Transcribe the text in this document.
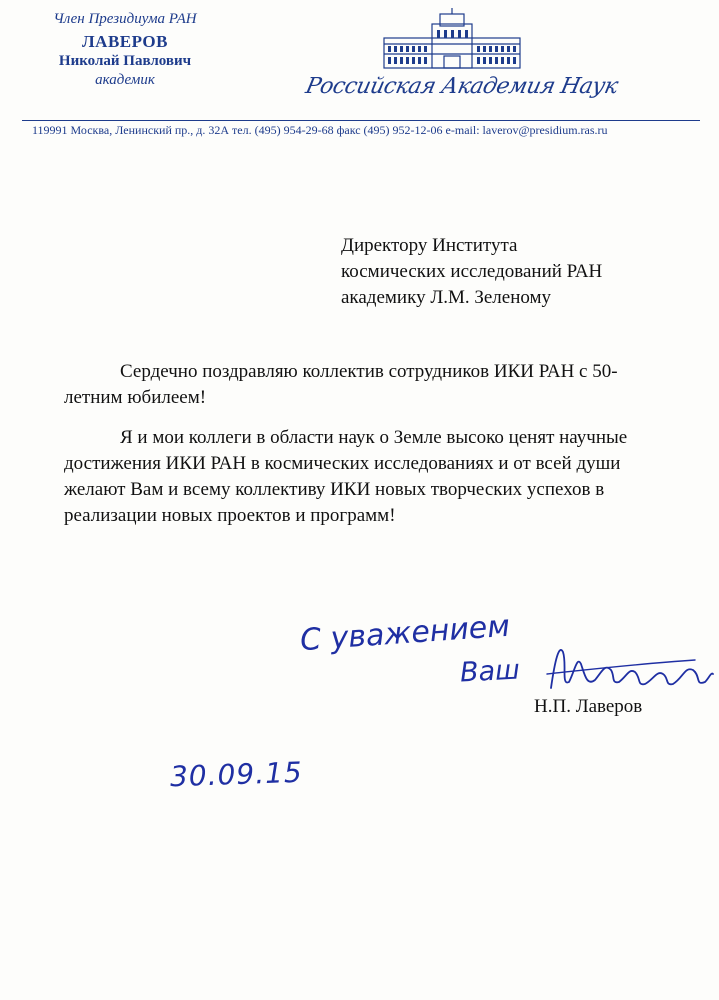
Член Президиума РАН
ЛАВЕРОВ
Николай Павлович
академик	Российская Академия Наук
119991 Москва, Ленинский пр., д. 32А тел. (495) 954-29-68 факс (495) 952-12-06 e-mail: laverov@presidium.ras.ru
Директору Института
космических исследований РАН
академику Л.М. Зеленому

Сердечно поздравляю коллектив сотрудников ИКИ РАН с 50-летним юбилеем!

Я и мои коллеги в области наук о Земле высоко ценят научные достижения ИКИ РАН в космических исследованиях и от всей души желают Вам и всему коллективу ИКИ новых творческих успехов в реализации новых проектов и программ!

С уважением
Ваш
Н.П. Лаверов
30.09.15
